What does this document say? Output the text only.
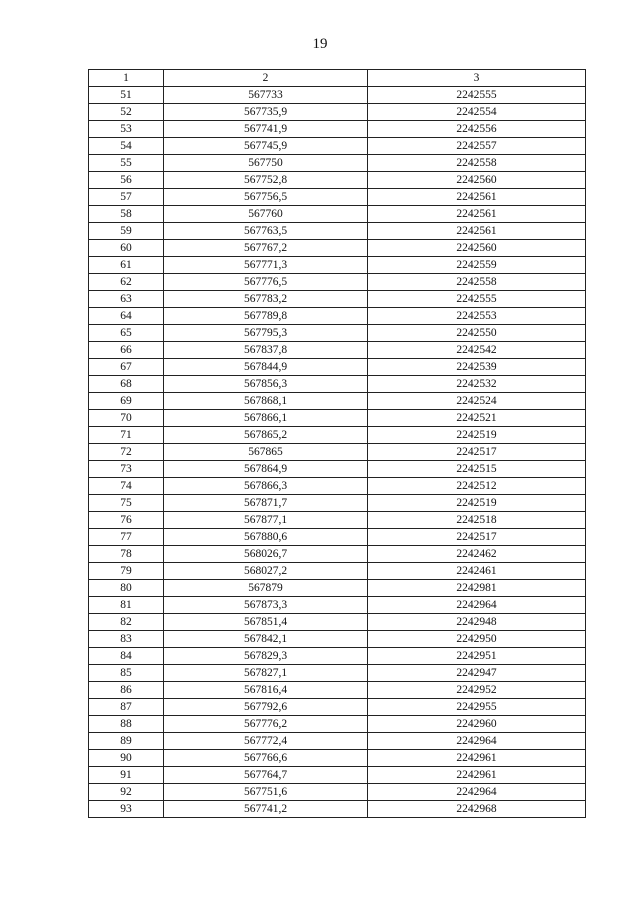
19
1	2	3
51	567733	2242555
52	567735,9	2242554
53	567741,9	2242556
54	567745,9	2242557
55	567750	2242558
56	567752,8	2242560
57	567756,5	2242561
58	567760	2242561
59	567763,5	2242561
60	567767,2	2242560
61	567771,3	2242559
62	567776,5	2242558
63	567783,2	2242555
64	567789,8	2242553
65	567795,3	2242550
66	567837,8	2242542
67	567844,9	2242539
68	567856,3	2242532
69	567868,1	2242524
70	567866,1	2242521
71	567865,2	2242519
72	567865	2242517
73	567864,9	2242515
74	567866,3	2242512
75	567871,7	2242519
76	567877,1	2242518
77	567880,6	2242517
78	568026,7	2242462
79	568027,2	2242461
80	567879	2242981
81	567873,3	2242964
82	567851,4	2242948
83	567842,1	2242950
84	567829,3	2242951
85	567827,1	2242947
86	567816,4	2242952
87	567792,6	2242955
88	567776,2	2242960
89	567772,4	2242964
90	567766,6	2242961
91	567764,7	2242961
92	567751,6	2242964
93	567741,2	2242968
